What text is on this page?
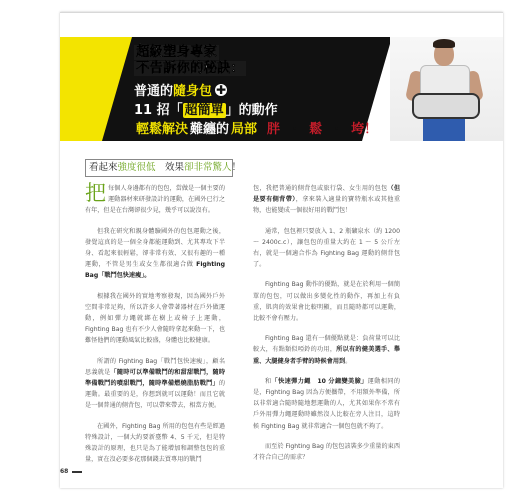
超級塑身專家
不告訴你的秘訣：
普通的隨身包 ✚
11 招「 超簡單 」的動作
輕鬆解決 難纏的 局部 胖 ・ 鬆 ・ 垮！
看起來強度很低　效果卻非常驚人！

把每個人身邊都有的包包，當做是一個主要的運動器材來研發設計的運動，在國外已行之有年，但是在台灣卻很少見，幾乎可以說沒有。

但我在研究和親身體驗國外的包包運動之後，發覺這真的是一個全身都能運動到、尤其專攻下半身、看起來很輕鬆，卻非常有效、又很有趣的一種運動，不管是男生或女生都很適合做 Fighting Bag「戰鬥包快速瘦」。

根據我在國外的實地考察發現，因為國外戶外空間非常足夠，所以許多人會帶著器材在戶外做運動，例如彈力繩就綁在樹上或椅子上運動，Fighting Bag 也有不少人會隨時拿起來動一下，也難怪他們的運動風氣比較盛，身體也比較健康。

所謂的 Fighting Bag「戰鬥包快速瘦」，顧名思義就是「隨時可以準備戰鬥的和甜甜戰鬥，隨時準備戰鬥的噴甜戰鬥，隨時準備燃燒脂肪戰鬥」的運動。最重要的是，你想到就可以運動！而且它就是一個普通的側背包，可以帶來帶去，相當方便。

在國外，Fighting Bag 所用的包包有些是經過特殊設計，一個大約要新臺幣 4、5 千元，但是特殊設計的原理，也只是為了能增加和調整包包的重量，實在沒必要多花那個錢去買專用的戰鬥

包，我把普通的側背包或旅行袋、女生用的包包（但是要有側背帶），拿來裝入適量的寶特瓶水或其他重物，也能變成一個很好用的戰鬥包！

通常，包包裡只要放入 1、2 瓶礦泉水（約 1200 ～ 2400c.c），讓包包的重量大約在 1 ～ 5 公斤左右，就是一個適合作為 Fighting Bag 運動的側背包了。

Fighting Bag 動作的優點，就是在於利用一個簡單的包包，可以做出多變化性的動作，再加上有負重，肌肉的效果會比較明顯，而且隨時都可以運動，比較不會有壓力。

Fighting Bag 還有一個優點就是：負荷量可以比較大，有點類似啞鈴的功用，所以有的健美選手、舉重、大腿健身者手臂的時候會用到。

和「快速彈力繩　10 分鐘變美臉」運動相同的是，Fighting Bag 因為方便攜帶，不用額外準備，所以非常適合隨時隨地想運動的人，尤其如果你不常有戶外用彈力繩運動時雖然沒人比較在旁人注目，這時候 Fighting Bag 就非常適合一個包包就不夠了。

而至於 Fighting Bag 的包包該裝多少重量的東西才符合自己的需求？

68
